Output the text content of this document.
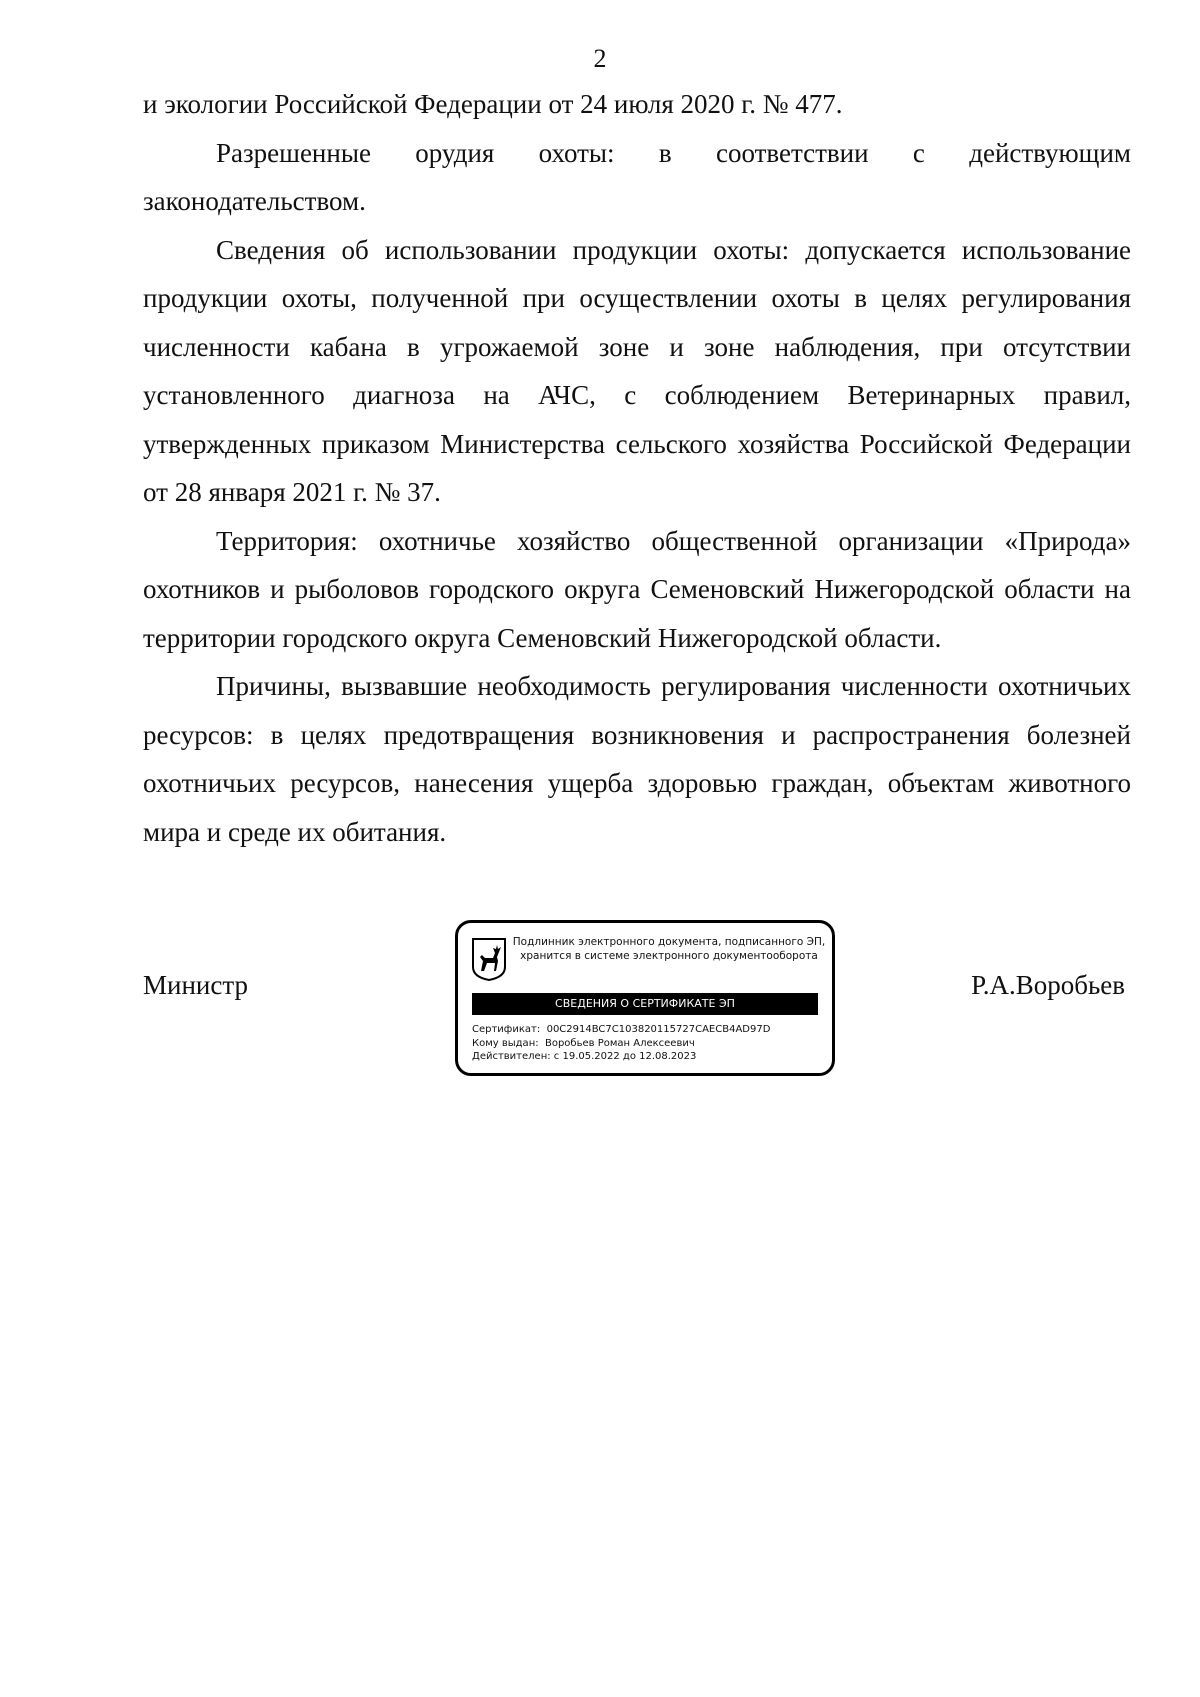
2

и экологии Российской Федерации от 24 июля 2020 г. № 477.

Разрешенные орудия охоты: в соответствии с действующим законодательством.

Сведения об использовании продукции охоты: допускается использование продукции охоты, полученной при осуществлении охоты в целях регулирования численности кабана в угрожаемой зоне и зоне наблюдения, при отсутствии установленного диагноза на АЧС, с соблюдением Ветеринарных правил, утвержденных приказом Министерства сельского хозяйства Российской Федерации от 28 января 2021 г. № 37.

Территория: охотничье хозяйство общественной организации «Природа» охотников и рыболовов городского округа Семеновский Нижегородской области на территории городского округа Семеновский Нижегородской области.

Причины, вызвавшие необходимость регулирования численности охотничьих ресурсов: в целях предотвращения возникновения и распространения болезней охотничьих ресурсов, нанесения ущерба здоровью граждан, объектам животного мира и среде их обитания.

Министр
Подлинник электронного документа, подписанного ЭП,
хранится в системе электронного документооборота
СВЕДЕНИЯ О СЕРТИФИКАТЕ ЭП
Сертификат: 00C2914BC7C103820115727CAECB4AD97D
Кому выдан: Воробьев Роман Алексеевич
Действителен: с 19.05.2022 до 12.08.2023
Р.А.Воробьев
